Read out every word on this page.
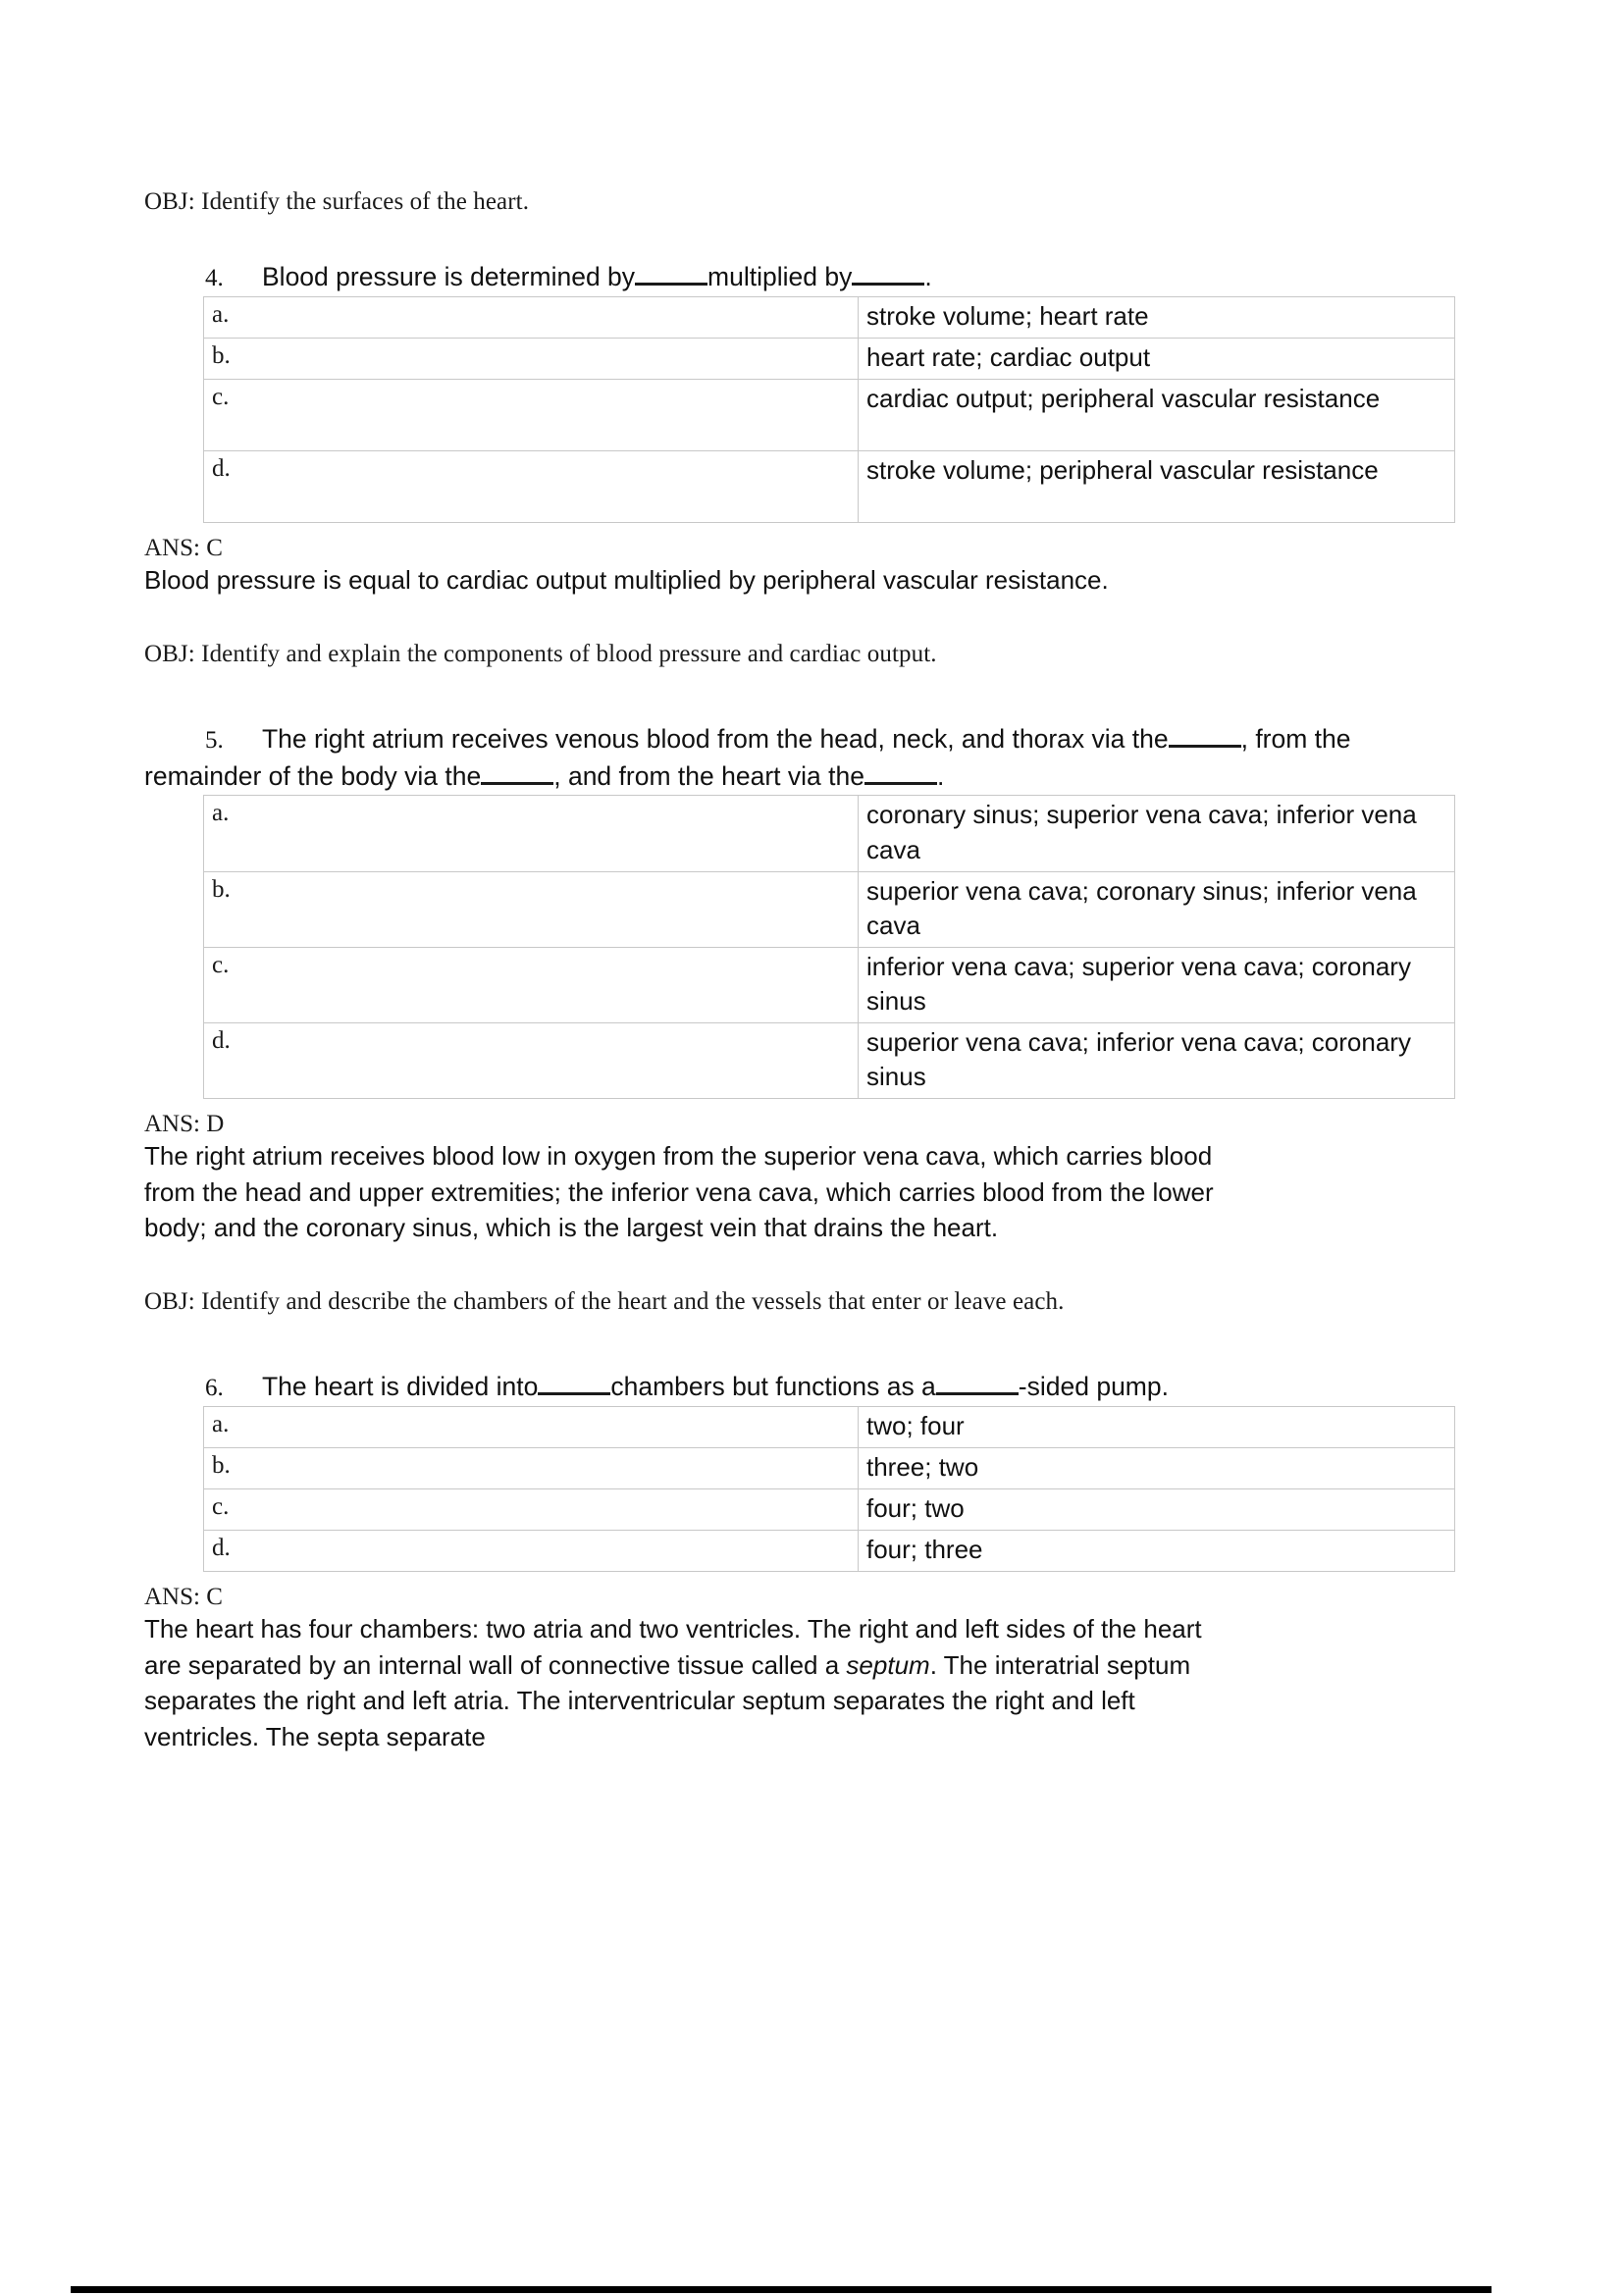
OBJ: Identify the surfaces of the heart.

4. Blood pressure is determined by	multiplied by	.

a.	stroke volume; heart rate
b.	heart rate; cardiac output
c.	cardiac output; peripheral vascular resistance
d.	stroke volume; peripheral vascular resistance

ANS: C

Blood pressure is equal to cardiac output multiplied by peripheral vascular resistance.

OBJ: Identify and explain the components of blood pressure and cardiac output.

5. The right atrium receives venous blood from the head, neck, and thorax via the	, from the remainder of the body via the	, and from the heart via the	.

a.	coronary sinus; superior vena cava; inferior vena cava
b.	superior vena cava; coronary sinus; inferior vena cava
c.	inferior vena cava; superior vena cava; coronary sinus
d.	superior vena cava; inferior vena cava; coronary sinus

ANS: D

The right atrium receives blood low in oxygen from the superior vena cava, which carries blood from the head and upper extremities; the inferior vena cava, which carries blood from the lower body; and the coronary sinus, which is the largest vein that drains the heart.

OBJ: Identify and describe the chambers of the heart and the vessels that enter or leave each.

6. The heart is divided into	chambers but functions as a	-sided pump.

a.	two; four
b.	three; two
c.	four; two
d.	four; three

ANS: C

The heart has four chambers: two atria and two ventricles. The right and left sides of the heart are separated by an internal wall of connective tissue called a septum. The interatrial septum separates the right and left atria. The interventricular septum separates the right and left ventricles. The septa separate
